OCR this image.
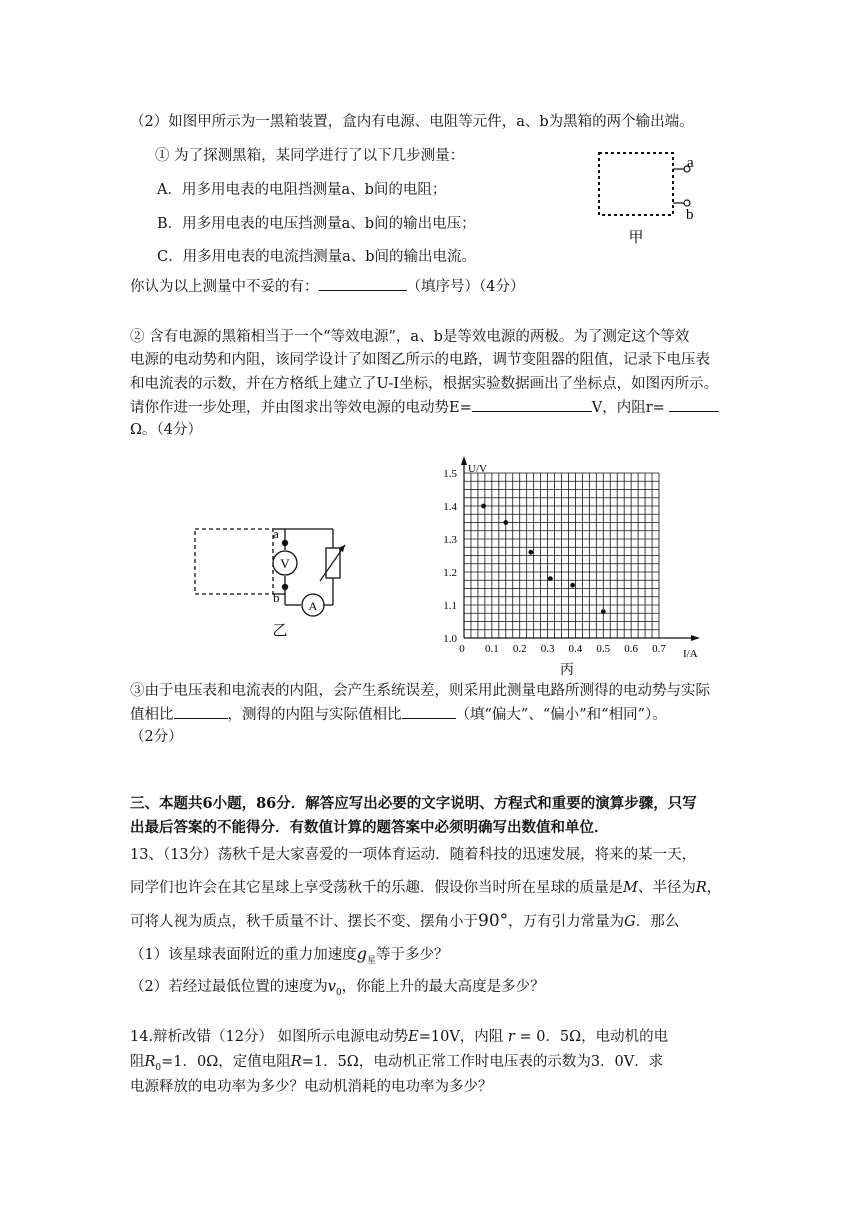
（2）如图甲所示为一黑箱装置，盒内有电源、电阻等元件，a、b为黑箱的两个输出端。
① 为了探测黑箱，某同学进行了以下几步测量：
A．用多用电表的电阻挡测量a、b间的电阻；
B．用多用电表的电压挡测量a、b间的输出电压；
C．用多用电表的电流挡测量a、b间的输出电流。
你认为以上测量中不妥的有：	（填序号）（4分）
a
b
甲
② 含有电源的黑箱相当于一个“等效电源”，a、b是等效电源的两极。为了测定这个等效
电源的电动势和内阻，该同学设计了如图乙所示的电路，调节变阻器的阻值，记录下电压表
和电流表的示数，并在方格纸上建立了U-I坐标，根据实验数据画出了坐标点，如图丙所示。
请你作进一步处理，并由图求出等效电源的电动势E=	V，内阻r=
Ω。（4分）
V
a
b
A
乙
0 0.1 0.2 0.3 0.4 0.5 0.6 0.7
1.0
1.1
1.2
1.3
1.4
1.5 U/V
I/A
丙
③由于电压表和电流表的内阻，会产生系统误差，则采用此测量电路所测得的电动势与实际
值相比	，测得的内阻与实际值相比	（填“偏大”、“偏小”和“相同”）。
（2分）
三、本题共6小题，86分．解答应写出必要的文字说明、方程式和重要的演算步骤，只写
出最后答案的不能得分．有数值计算的题答案中必须明确写出数值和单位．
13、（13分）荡秋千是大家喜爱的一项体育运动．随着科技的迅速发展，将来的某一天，
同学们也许会在其它星球上享受荡秋千的乐趣．假设你当时所在星球的质量是M、半径为R，
可将人视为质点，秋千质量不计、摆长不变、摆角小于90°，万有引力常量为G．那么
（1）该星球表面附近的重力加速度$g_星$等于多少？
（2）若经过最低位置的速度为$v_0$，你能上升的最大高度是多少？
14.辩析改错（12分） 如图所示电源电动势E=10V，内阻 r = 0．5Ω，电动机的电
阻$R_0=1$．0Ω，定值电阻R=1．5Ω，电动机正常工作时电压表的示数为3．0V．求
电源释放的电功率为多少？电动机消耗的电功率为多少？
